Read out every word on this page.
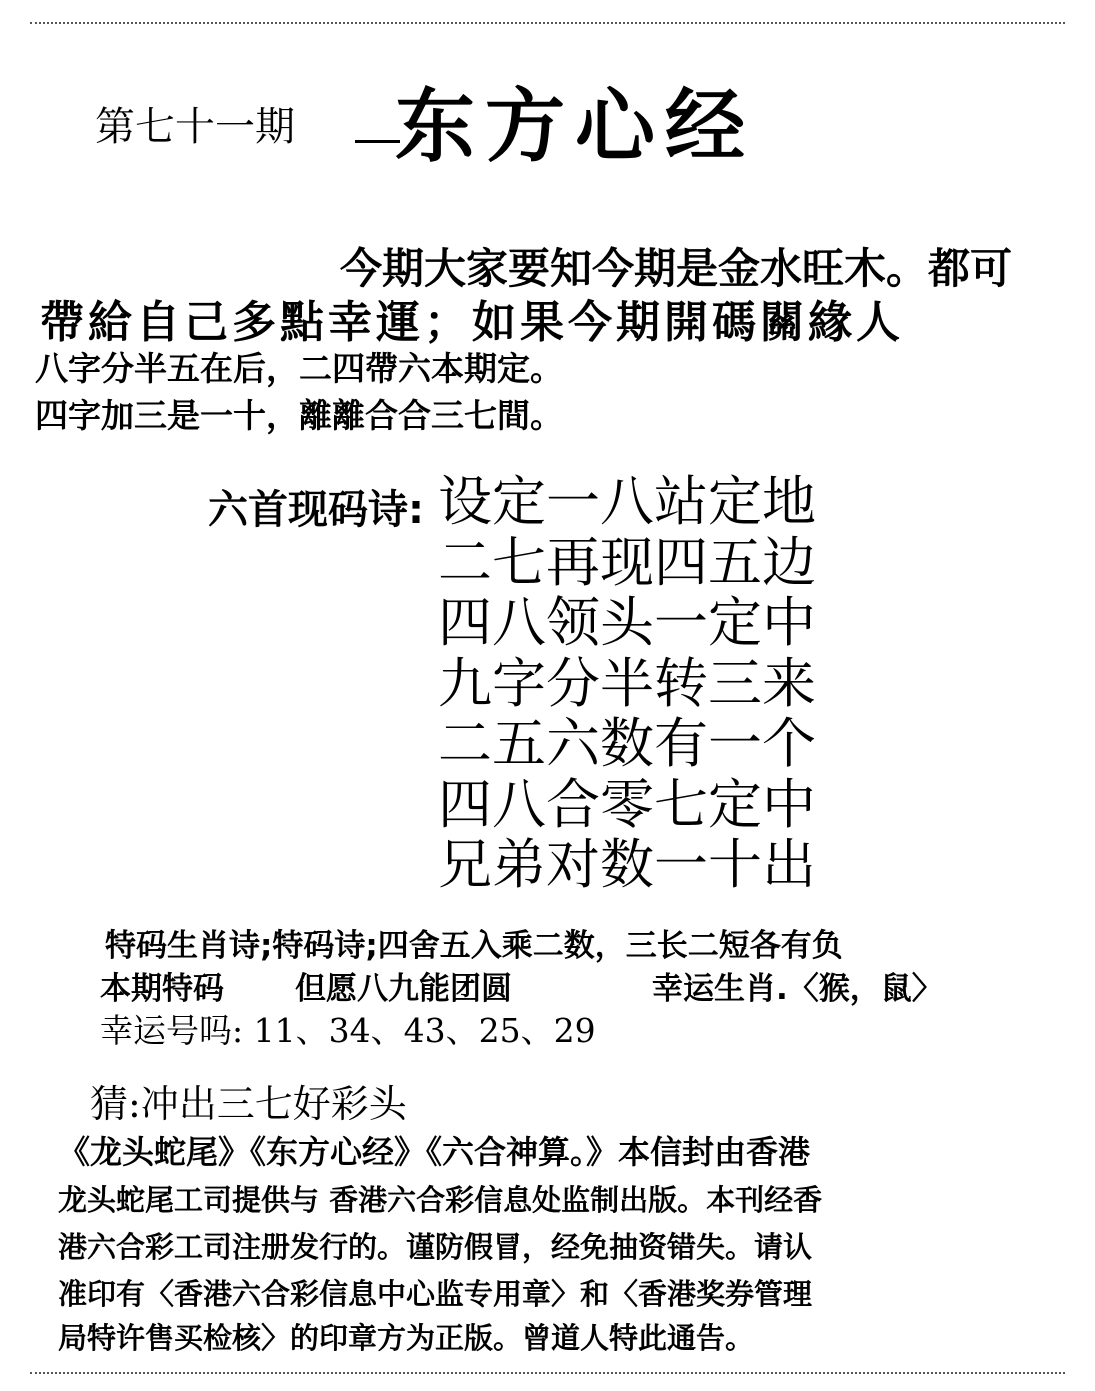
第七十一期 东方心经
今期大家要知今期是金水旺木。都可
帶給自己多點幸運；如果今期開碼關緣人
八字分半五在后，二四帶六本期定。
四字加三是一十，離離合合三七間。
六首现码诗: 设定一八站定地
二七再现四五边
四八领头一定中
九字分半转三来
二五六数有一个
四八合零七定中
兄弟对数一十出
特码生肖诗;特码诗;四舍五入乘二数，三长二短各有负
本期特码 但愿八九能团圆	幸运生肖.〈猴，鼠〉
幸运号吗: 11、34、43、25、29
猜:冲出三七好彩头
《龙头蛇尾》《东方心经》《六合神算。》本信封由香港
龙头蛇尾工司提供与 香港六合彩信息处监制出版。本刊经香
港六合彩工司注册发行的。谨防假冒，经免抽资错失。请认
准印有〈香港六合彩信息中心监专用章〉和〈香港奖券管理
局特许售买检核〉的印章方为正版。曾道人特此通告。
